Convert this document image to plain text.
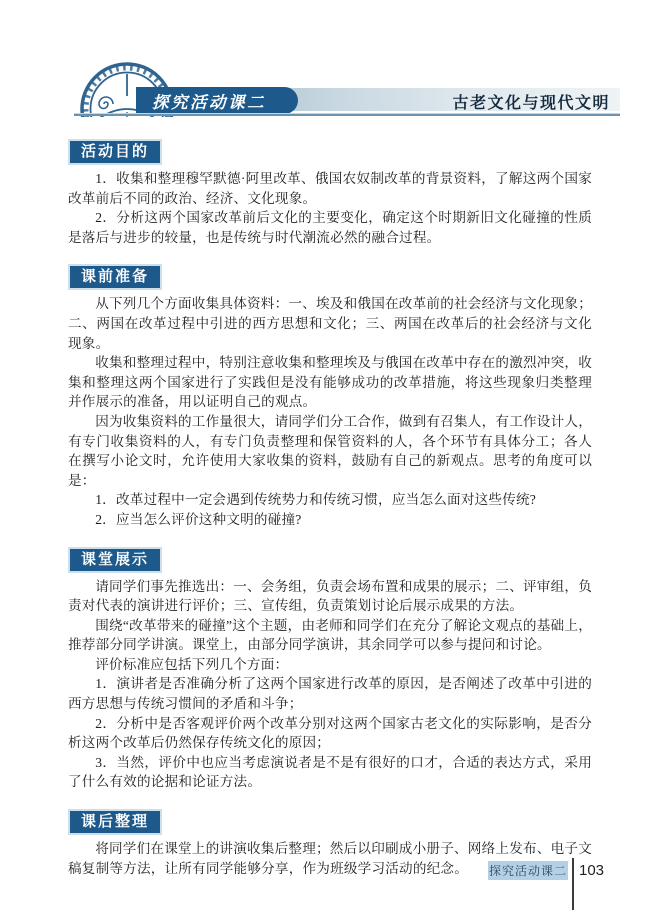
探究活动课二	古老文化与现代文明
活动目的

1．收集和整理穆罕默德·阿里改革、俄国农奴制改革的背景资料，了解这两个国家改革前后不同的政治、经济、文化现象。

2．分析这两个国家改革前后文化的主要变化，确定这个时期新旧文化碰撞的性质是落后与进步的较量，也是传统与时代潮流必然的融合过程。

课前准备

从下列几个方面收集具体资料：一、埃及和俄国在改革前的社会经济与文化现象；二、两国在改革过程中引进的西方思想和文化；三、两国在改革后的社会经济与文化现象。

收集和整理过程中，特别注意收集和整理埃及与俄国在改革中存在的激烈冲突，收集和整理这两个国家进行了实践但是没有能够成功的改革措施，将这些现象归类整理并作展示的准备，用以证明自己的观点。

因为收集资料的工作量很大，请同学们分工合作，做到有召集人，有工作设计人，有专门收集资料的人，有专门负责整理和保管资料的人，各个环节有具体分工；各人在撰写小论文时，允许使用大家收集的资料，鼓励有自己的新观点。思考的角度可以是：

1．改革过程中一定会遇到传统势力和传统习惯，应当怎么面对这些传统?

2．应当怎么评价这种文明的碰撞?

课堂展示

请同学们事先推选出：一、会务组，负责会场布置和成果的展示；二、评审组，负责对代表的演讲进行评价；三、宣传组，负责策划讨论后展示成果的方法。

围绕“改革带来的碰撞”这个主题，由老师和同学们在充分了解论文观点的基础上，推荐部分同学讲演。课堂上，由部分同学演讲，其余同学可以参与提问和讨论。

评价标准应包括下列几个方面：

1．演讲者是否准确分析了这两个国家进行改革的原因，是否阐述了改革中引进的西方思想与传统习惯间的矛盾和斗争；

2．分析中是否客观评价两个改革分别对这两个国家古老文化的实际影响，是否分析这两个改革后仍然保存传统文化的原因；

3．当然，评价中也应当考虑演说者是不是有很好的口才，合适的表达方式，采用了什么有效的论据和论证方法。

课后整理

将同学们在课堂上的讲演收集后整理；然后以印刷成小册子、网络上发布、电子文稿复制等方法，让所有同学能够分享，作为班级学习活动的纪念。	探究活动课二 103
